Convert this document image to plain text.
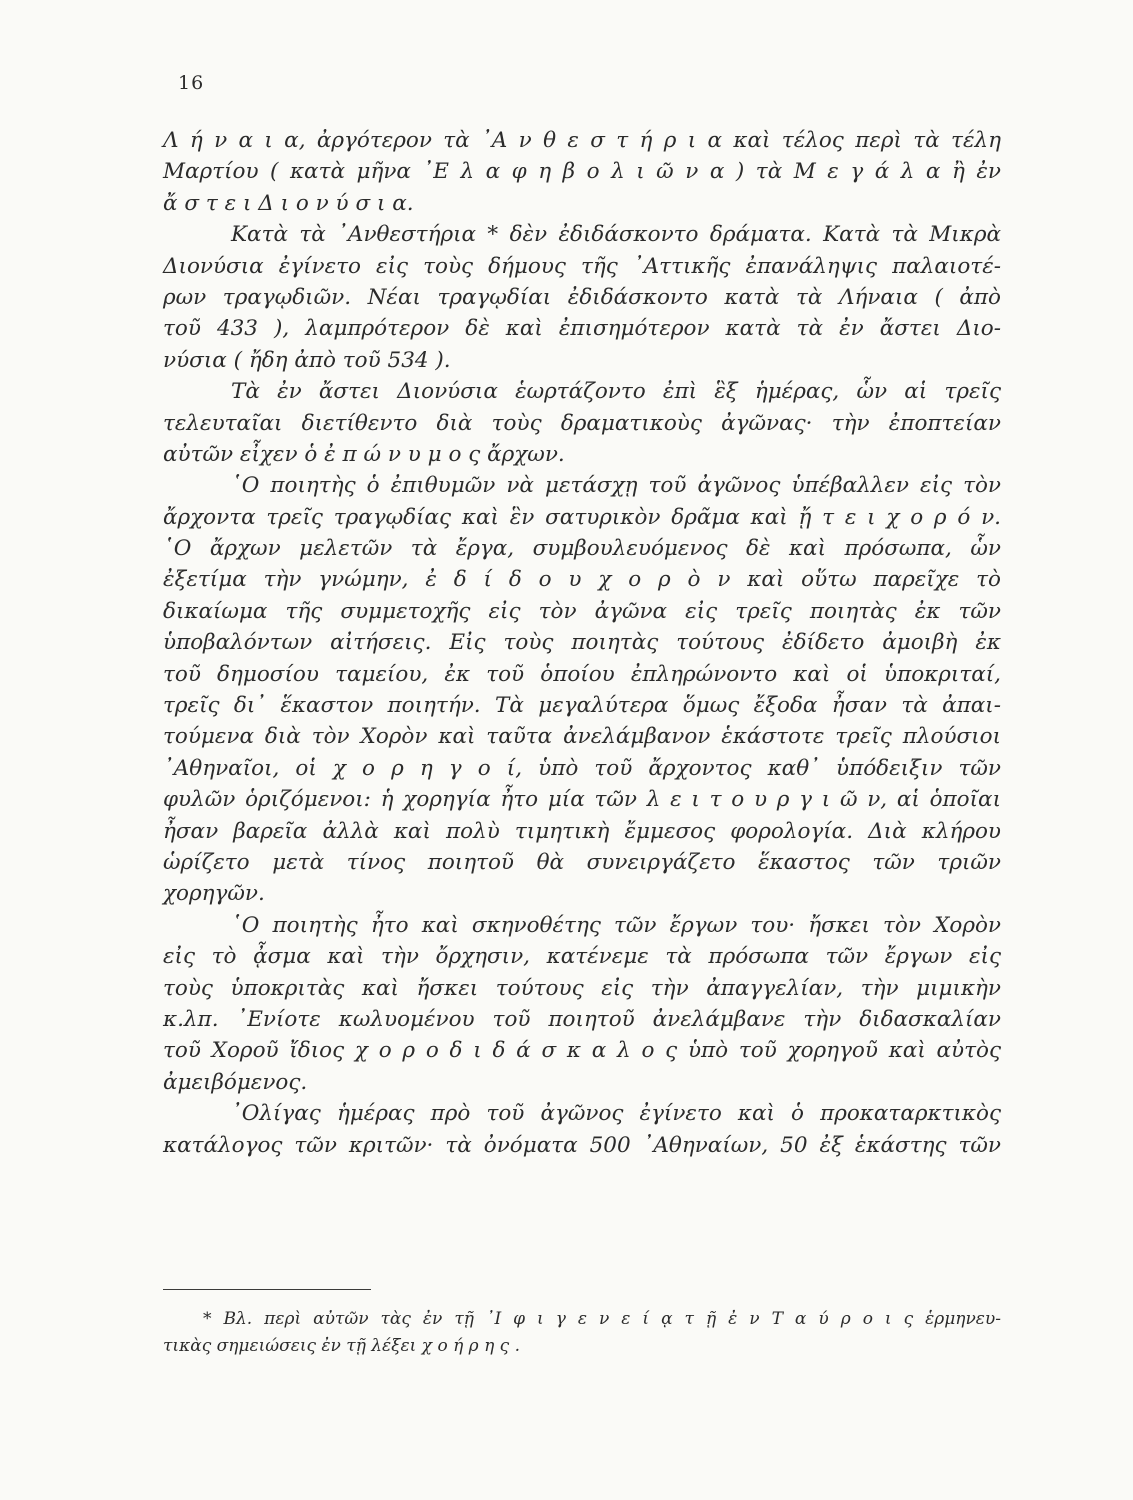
16
Λ ή ν α ι α, ἀργότερον τὰ ᾿Α ν θ ε σ τ ή ρ ι α καὶ τέλος περὶ τὰ τέλη
Μαρτίου ( κατὰ μῆνα ᾿Ε λ α φ η β ο λ ι ῶ ν α ) τὰ Μ ε γ ά λ α ἢ ἐν
ἄ σ τ ε ι Δ ι ο ν ύ σ ι α.
Κατὰ τὰ ᾿Ανθεστήρια * δὲν ἐδιδάσκοντο δράματα. Κατὰ τὰ Μικρὰ
Διονύσια ἐγίνετο εἰς τοὺς δήμους τῆς ᾿Αττικῆς ἐπανάληψις παλαιοτέ-
ρων τραγῳδιῶν. Νέαι τραγῳδίαι ἐδιδάσκοντο κατὰ τὰ Λήναια ( ἀπὸ
τοῦ 433 ), λαμπρότερον δὲ καὶ ἐπισημότερον κατὰ τὰ ἐν ἄστει Διο-
νύσια ( ἤδη ἀπὸ τοῦ 534 ).
Τὰ ἐν ἄστει Διονύσια ἑωρτάζοντο ἐπὶ ἓξ ἡμέρας, ὧν αἱ τρεῖς
τελευταῖαι διετίθεντο διὰ τοὺς δραματικοὺς ἀγῶνας· τὴν ἐποπτείαν
αὐτῶν εἶχεν ὁ ἐ π ώ ν υ μ ο ς ἄρχων.
῾Ο ποιητὴς ὁ ἐπιθυμῶν νὰ μετάσχῃ τοῦ ἀγῶνος ὑπέβαλλεν εἰς τὸν
ἄρχοντα τρεῖς τραγῳδίας καὶ ἓν σατυρικὸν δρᾶμα καὶ ᾔ τ ε ι χ ο ρ ό ν.
῾Ο ἄρχων μελετῶν τὰ ἔργα, συμβουλευόμενος δὲ καὶ πρόσωπα, ὧν
ἐξετίμα τὴν γνώμην, ἐ δ ί δ ο υ χ ο ρ ὸ ν καὶ οὕτω παρεῖχε τὸ
δικαίωμα τῆς συμμετοχῆς εἰς τὸν ἀγῶνα εἰς τρεῖς ποιητὰς ἐκ τῶν
ὑποβαλόντων αἰτήσεις. Εἰς τοὺς ποιητὰς τούτους ἐδίδετο ἀμοιβὴ ἐκ
τοῦ δημοσίου ταμείου, ἐκ τοῦ ὁποίου ἐπληρώνοντο καὶ οἱ ὑποκριταί,
τρεῖς δι᾿ ἕκαστον ποιητήν. Τὰ μεγαλύτερα ὅμως ἔξοδα ἦσαν τὰ ἀπαι-
τούμενα διὰ τὸν Χορὸν καὶ ταῦτα ἀνελάμβανον ἑκάστοτε τρεῖς πλούσιοι
᾿Αθηναῖοι, οἱ χ ο ρ η γ ο ί, ὑπὸ τοῦ ἄρχοντος καθ᾿ ὑπόδειξιν τῶν
φυλῶν ὁριζόμενοι: ἡ χορηγία ἦτο μία τῶν λ ε ι τ ο υ ρ γ ι ῶ ν, αἱ ὁποῖαι
ἦσαν βαρεῖα ἀλλὰ καὶ πολὺ τιμητικὴ ἔμμεσος φορολογία. Διὰ κλήρου
ὡρίζετο μετὰ τίνος ποιητοῦ θὰ συνειργάζετο ἕκαστος τῶν τριῶν
χορηγῶν.
῾Ο ποιητὴς ἦτο καὶ σκηνοθέτης τῶν ἔργων του· ἤσκει τὸν Χορὸν
εἰς τὸ ᾆσμα καὶ τὴν ὄρχησιν, κατένεμε τὰ πρόσωπα τῶν ἔργων εἰς
τοὺς ὑποκριτὰς καὶ ἤσκει τούτους εἰς τὴν ἀπαγγελίαν, τὴν μιμικὴν
κ.λπ. ᾿Ενίοτε κωλυομένου τοῦ ποιητοῦ ἀνελάμβανε τὴν διδασκαλίαν
τοῦ Χοροῦ ἴδιος χ ο ρ ο δ ι δ ά σ κ α λ ο ς ὑπὸ τοῦ χορηγοῦ καὶ αὐτὸς
ἀμειβόμενος.
᾿Ολίγας ἡμέρας πρὸ τοῦ ἀγῶνος ἐγίνετο καὶ ὁ προκαταρκτικὸς
κατάλογος τῶν κριτῶν· τὰ ὀνόματα 500 ᾿Αθηναίων, 50 ἐξ ἑκάστης τῶν
* Βλ. περὶ αὐτῶν τὰς ἐν τῇ ᾿Ι φ ι γ ε ν ε ί ᾳ τ ῇ ἐ ν Τ α ύ ρ ο ι ς ἑρμηνευ-
τικὰς σημειώσεις ἐν τῇ λέξει χ ο ή ρ η ς .
